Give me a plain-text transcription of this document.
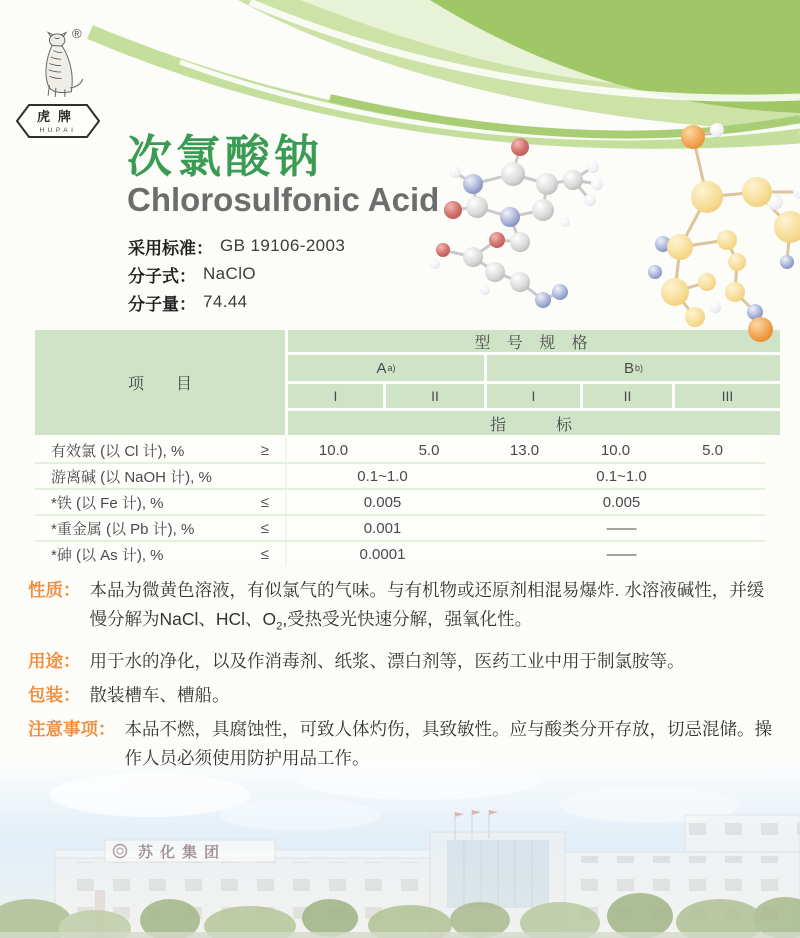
®
虎牌
HUPAI
次氯酸钠
Chlorosulfonic Acid
采用标准： GB 19106-2003
分子式： NaClO
分子量： 74.44
项　　目
型 号 规 格
A a)	B b)
I	II	I	II	III
指　　标
有效氯 (以 Cl 计), %	≥	10.0	5.0	13.0	10.0	5.0
游离碱 (以 NaOH 计), %	0.1~1.0	0.1~1.0
*铁 (以 Fe 计), %	≤	0.005	0.005
*重金属 (以 Pb 计), %	≤	0.001	——
*砷 (以 As 计), %	≤	0.0001	——
性质： 本品为微黄色溶液，有似氯气的气味。与有机物或还原剂相混易爆炸. 水溶液碱性，并缓慢分解为NaCl、HCl、$O_2$,受热受光快速分解，强氧化性。

用途： 用于水的净化，以及作消毒剂、纸浆、漂白剂等，医药工业中用于制氯胺等。

包装： 散装槽车、槽船。

注意事项： 本品不燃，具腐蚀性，可致人体灼伤，具致敏性。应与酸类分开存放，切忌混储。操作人员必须使用防护用品工作。

苏化集团
